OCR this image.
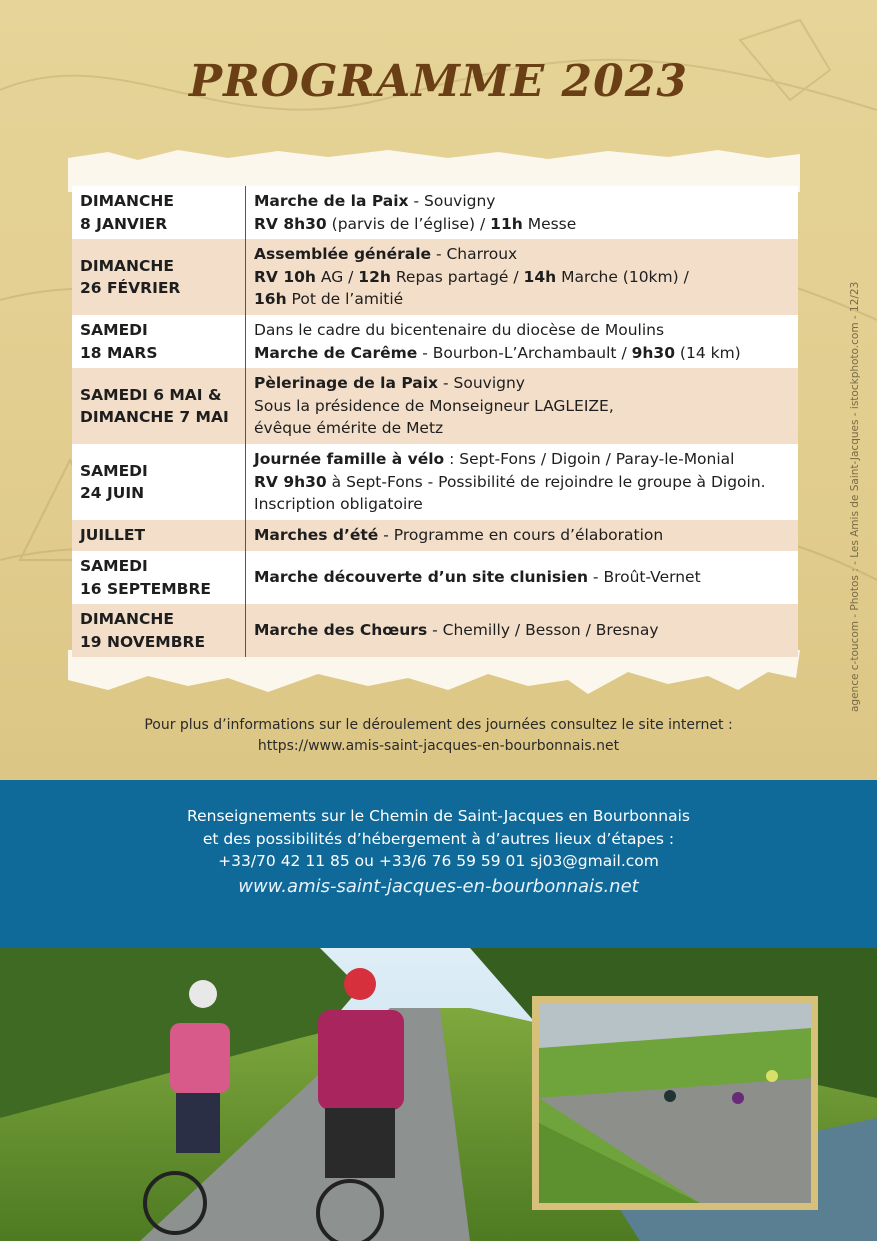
PROGRAMME 2023
DIMANCHE
8 JANVIER	Marche de la Paix - Souvigny
RV 8h30 (parvis de l’église) / 11h Messe
DIMANCHE
26 FÉVRIER	Assemblée générale - Charroux
RV 10h AG / 12h Repas partagé / 14h Marche (10km) /
16h Pot de l’amitié
SAMEDI
18 MARS	Dans le cadre du bicentenaire du diocèse de Moulins
Marche de Carême - Bourbon-L’Archambault / 9h30 (14 km)
SAMEDI 6 MAI &
DIMANCHE 7 MAI	Pèlerinage de la Paix - Souvigny
Sous la présidence de Monseigneur LAGLEIZE,
évêque émérite de Metz
SAMEDI
24 JUIN	Journée famille à vélo : Sept-Fons / Digoin / Paray-le-Monial
RV 9h30 à Sept-Fons - Possibilité de rejoindre le groupe à Digoin.
Inscription obligatoire
JUILLET	Marches d’été - Programme en cours d’élaboration
SAMEDI
16 SEPTEMBRE	Marche découverte d’un site clunisien - Broût-Vernet
DIMANCHE
19 NOVEMBRE	Marche des Chœurs - Chemilly / Besson / Bresnay
Pour plus d’informations sur le déroulement des journées consultez le site internet :
https://www.amis-saint-jacques-en-bourbonnais.net
agence c-toucom - Photos : - Les Amis de Saint-Jacques - istockphoto.com - 12/23
Renseignements sur le Chemin de Saint-Jacques en Bourbonnais
et des possibilités d’hébergement à d’autres lieux d’étapes :
+33/70 42 11 85 ou +33/6 76 59 59 01 sj03@gmail.com
www.amis-saint-jacques-en-bourbonnais.net
